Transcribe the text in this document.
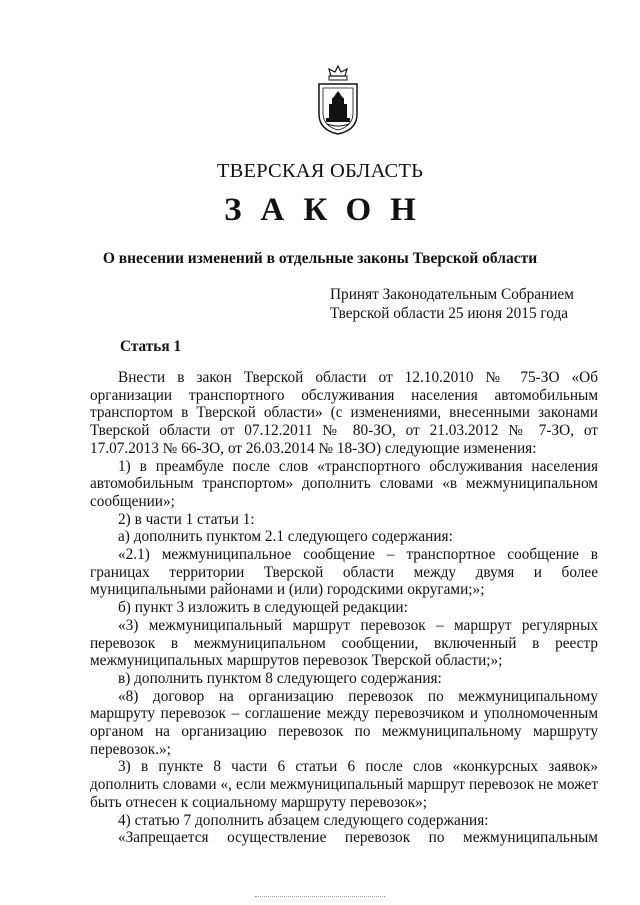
ТВЕРСКАЯ ОБЛАСТЬ
ЗАКОН
О внесении изменений в отдельные законы Тверской области
Принят Законодательным Собранием
Тверской области 25 июня 2015 года
Статья 1
Внести в закон Тверской области от 12.10.2010 № 75-ЗО «Об организации транспортного обслуживания населения автомобильным транспортом в Тверской области» (с изменениями, внесенными законами Тверской области от 07.12.2011 № 80-ЗО, от 21.03.2012 № 7-ЗО, от 17.07.2013 № 66-ЗО, от 26.03.2014 № 18-ЗО) следующие изменения:
1) в преамбуле после слов «транспортного обслуживания населения автомобильным транспортом» дополнить словами «в межмуниципальном сообщении»;
2) в части 1 статьи 1:
а) дополнить пунктом 2.1 следующего содержания:
«2.1) межмуниципальное сообщение – транспортное сообщение в границах территории Тверской области между двумя и более муниципальными районами и (или) городскими округами;»;
б) пункт 3 изложить в следующей редакции:
«3) межмуниципальный маршрут перевозок – маршрут регулярных перевозок в межмуниципальном сообщении, включенный в реестр межмуниципальных маршрутов перевозок Тверской области;»;
в) дополнить пунктом 8 следующего содержания:
«8) договор на организацию перевозок по межмуниципальному маршруту перевозок – соглашение между перевозчиком и уполномоченным органом на организацию перевозок по межмуниципальному маршруту перевозок.»;
3) в пункте 8 части 6 статьи 6 после слов «конкурсных заявок» дополнить словами «, если межмуниципальный маршрут перевозок не может быть отнесен к социальному маршруту перевозок»;
4) статью 7 дополнить абзацем следующего содержания:
«Запрещается осуществление перевозок по межмуниципальным
